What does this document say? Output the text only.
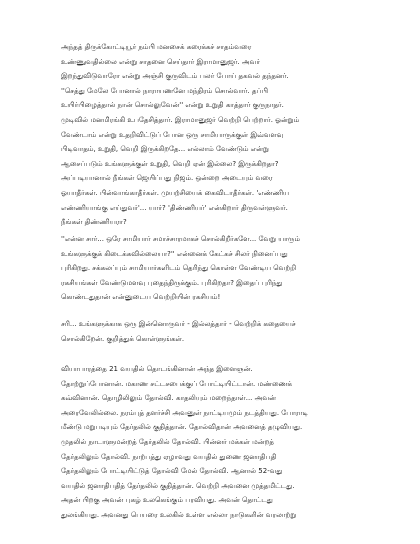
அந்தத் திருக்கோட்டியூர் நம்பி மனசைக் கரைக்கச் சாதம்வரை
உண்ணுவதில்லை என்று சாதனை செய்தார் இராமானுஜர். அவர்
இறந்துவிடுவாரோ என்று அஞ்சி குருவிடம் பலர் போய் தகவல் தந்தனர்.
''செத்து மேலே போனால் நாராயணனே மந்திரம் சொல்வார். தப்பி
உயிர்பிழைத்தால் நான் சொல்லுவேன்'' என்று உறுதி காத்தார் குருநாதர்.
முடிவில் மனமிரங்கி உபதேசித்தார். இராமானுஜர் வெற்றி பெற்றார். ஓன்றும்
வேண்டாம் என்று உதறிவிட்டுப் போன ஒரு சாமியாருக்குள் இவ்வளவு
பிடிவாதம், உறுதி, வெறி இருக்கிறதே... எல்லாம் வேண்டும் என்று
ஆசைப்படும் உங்களுக்குள் உறுதி, வெறி ஏன் இல்லை? இருக்கிறதா?
அப்படியானால் நீங்கள் ஜெயிப்பது நிஜம். ஒன்றை அடையும் வரை
ஓயாதீர்கள். பின்வாங்காதீர்கள். முயற்சியைக் கைவிடாதீர்கள். 'எண்ணிய
எண்ணியாங்கு எய்துவர்'... யார்? 'திண்ணியர்' என்கிறார் திருவள்ளுவர்.
நீங்கள் திண்ணியரா?
''என்ன சார்... ஒரே சாமியார் சமாச்சாரமாகச் சொல்கிறீர்களே... வேறு யாரும்
உங்களுக்குக் கிடைக்கவில்லையா?'' என்னைக் கேட்கச் சிலர் நினைப்பது
புரிகிறது. சக்கலப்பும் சாமியார்களிடம் தெரிந்து கொள்ள வேண்டிய வெற்றி
ரகசியங்கள் வேண்டுமளவு புதைந்திருக்கும். புரிகிறதா? இதைப் புரிந்து
கொண்டதுதான் என்னுடைய வெற்றியின் ரகசியம்!
சரி... உங்களுக்காக ஒரு இன்னொருவர் - இல்லத்தார் - வெற்றிக் கதையைச்
சொல்கிறேன். குறித்துக் கொள்ளுங்கள்.
வியாபாரத்தை 21 வயதில் தொடங்கினான் அந்த இளைஞன்.
தோற்றுப்போனான். மகாண சட்டசபைக்குப் போட்டியிட்டான். மண்ணைக்
கவ்வினான். தொழிலிலும் தோல்வி. காதலியும் மறைந்தாள்... அவன்
அரைவேலில்லை. நரம்புத் தளர்ச்சி அவனுள் நாட்டியமும் நடத்தியது. போராடி
மீண்டு மறுபடியும் தேர்தலில் குதித்தான். தோல்விதான் அவனைத் தழுவியது.
முதலில் நாடாளுமன்றத் தேர்தலில் தோல்வி. பின்னர் மக்கள் மன்றத்
தேர்தலிலும் தோல்வி. நாற்பத்து ஏழாவது வயதில் துணை ஜனாதிபதி
தேர்தலிலும் போட்டியிட்டுத் தோல்வி மேல் தோல்வி. ஆனால் 52-வது
வயதில் ஜனாதிபதித் தேர்தலில் குதித்தான். வெற்றி அவனை முத்தமிட்டது.
அதன் பிறகு அவன் புகழ் உலகெங்கும் பரவியது. அவன் தொட்டது
துலங்கியது. அவனது பெயரை உலகில் உள்ள எல்லா நாடுகளின் வரலாற்று
